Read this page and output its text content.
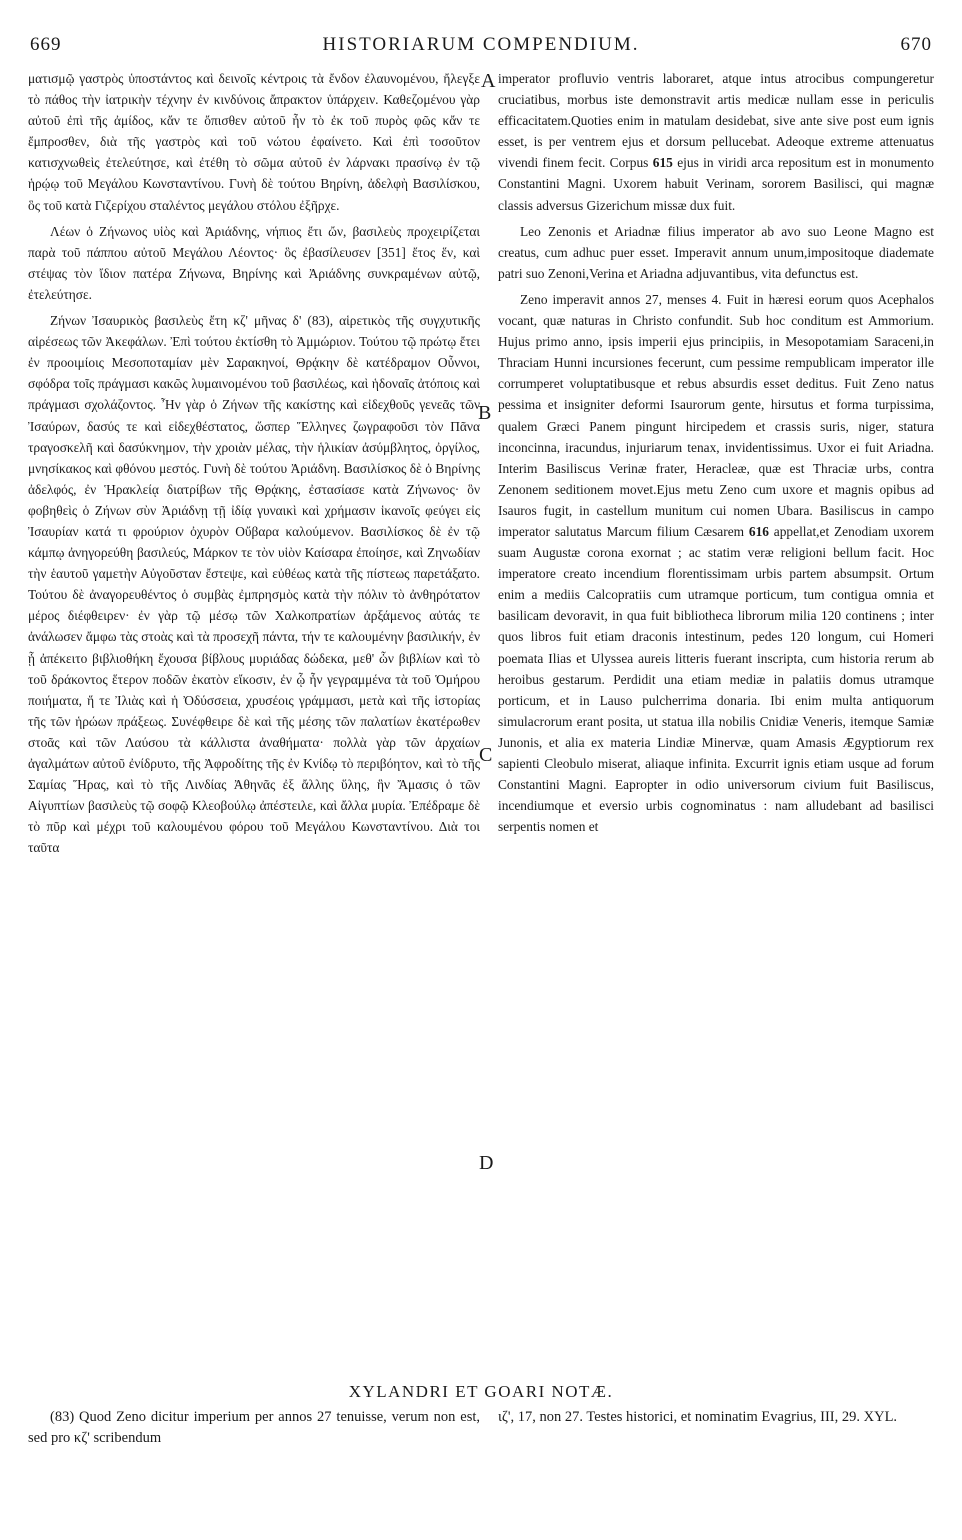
669	HISTORIARUM COMPENDIUM.	670

ματισμῷ γαστρὸς ὑποστάντος καὶ δεινοῖς κέντροις τὰ ἔνδον ἐλαυνομένου, ἤλεγξε τὸ πάθος τὴν ἰατρικὴν τέχνην ἐν κινδύνοις ἄπρακτον ὑπάρχειν. Καθεζομένου γὰρ αὐτοῦ ἐπὶ τῆς ἀμίδος, κἄν τε ὄπισθεν αὐτοῦ ἦν τὸ ἐκ τοῦ πυρὸς φῶς κἄν τε ἔμπροσθεν, διὰ τῆς γαστρὸς καὶ τοῦ νώτου ἐφαίνετο. Καὶ ἐπὶ τοσοῦτον κατισχνωθεὶς ἐτελεύτησε, καὶ ἐτέθη τὸ σῶμα αὐτοῦ ἐν λάρνακι πρασίνῳ ἐν τῷ ἡρῴῳ τοῦ Μεγάλου Κωνσταντίνου. Γυνὴ δὲ τούτου Βηρίνη, ἀδελφὴ Βασιλίσκου, ὃς τοῦ κατὰ Γιζερίχου σταλέντος μεγάλου στόλου ἐξῆρχε.

Λέων ὁ Ζήνωνος υἱὸς καὶ Ἀριάδνης, νήπιος ἔτι ὤν, βασιλεὺς προχειρίζεται παρὰ τοῦ πάππου αὐτοῦ Μεγάλου Λέοντος· ὃς ἐβασίλευσεν [351] ἔτος ἕν, καὶ στέψας τὸν ἴδιον πατέρα Ζήνωνα, Βηρίνης καὶ Ἀριάδνης συνκραμένων αὐτῷ, ἐτελεύτησε.

Ζήνων Ἰσαυρικὸς βασιλεὺς ἔτη κζ' μῆνας δ' (83), αἱρετικὸς τῆς συγχυτικῆς αἱρέσεως τῶν Ἀκεφάλων. Ἐπὶ τούτου ἐκτίσθη τὸ Ἀμμώριον. Τούτου τῷ πρώτῳ ἔτει ἐν προοιμίοις Μεσοποταμίαν μὲν Σαρακηνοί, Θρᾴκην δὲ κατέδραμον Οὖννοι, σφόδρα τοῖς πράγμασι κακῶς λυμαινομένου τοῦ βασιλέως, καὶ ἡδοναῖς ἀτόποις καὶ πράγμασι σχολάζοντος. Ἦν γὰρ ὁ Ζήνων τῆς κακίστης καὶ εἰδεχθοῦς γενεᾶς τῶν Ἰσαύρων, δασύς τε καὶ εἰδεχθέστατος, ὥσπερ Ἕλληνες ζωγραφοῦσι τὸν Πᾶνα τραγοσκελῆ καὶ δασύκνημον, τὴν χροιὰν μέλας, τὴν ἡλικίαν ἀσύμβλητος, ὀργίλος, μνησίκακος καὶ φθόνου μεστός. Γυνὴ δὲ τούτου Ἀριάδνη. Βασιλίσκος δὲ ὁ Βηρίνης ἀδελφός, ἐν Ἡρακλείᾳ διατρίβων τῆς Θρᾴκης, ἐστασίασε κατὰ Ζήνωνος· ὃν φοβηθεὶς ὁ Ζήνων σὺν Ἀριάδνῃ τῇ ἰδίᾳ γυναικὶ καὶ χρήμασιν ἱκανοῖς φεύγει εἰς Ἰσαυρίαν κατά τι φρούριον ὀχυρὸν Οὔβαρα καλούμενον. Βασιλίσκος δὲ ἐν τῷ κάμπῳ ἀνηγορεύθη βασιλεύς, Μάρκον τε τὸν υἱὸν Καίσαρα ἐποίησε, καὶ Ζηνωδίαν τὴν ἑαυτοῦ γαμετὴν Αὐγοῦσταν ἔστεψε, καὶ εὐθέως κατὰ τῆς πίστεως παρετάξατο. Τούτου δὲ ἀναγορευθέντος ὁ συμβὰς ἐμπρησμὸς κατὰ τὴν πόλιν τὸ ἀνθηρότατον μέρος διέφθειρεν· ἐν γὰρ τῷ μέσῳ τῶν Χαλκοπρατίων ἀρξάμενος αὐτάς τε ἀνάλωσεν ἄμφω τὰς στοὰς καὶ τὰ προσεχῆ πάντα, τήν τε καλουμένην βασιλικήν, ἐν ᾗ ἀπέκειτο βιβλιοθήκη ἔχουσα βίβλους μυριάδας δώδεκα, μεθ' ὧν βιβλίων καὶ τὸ τοῦ δράκοντος ἕτερον ποδῶν ἑκατὸν εἴκοσιν, ἐν ᾧ ἦν γεγραμμένα τὰ τοῦ Ὁμήρου ποιήματα, ἥ τε Ἰλιὰς καὶ ἡ Ὀδύσσεια, χρυσέοις γράμμασι, μετὰ καὶ τῆς ἱστορίας τῆς τῶν ἡρώων πράξεως. Συνέφθειρε δὲ καὶ τῆς μέσης τῶν παλατίων ἑκατέρωθεν στοᾶς καὶ τῶν Λαύσου τὰ κάλλιστα ἀναθήματα· πολλὰ γὰρ τῶν ἀρχαίων ἀγαλμάτων αὐτοῦ ἐνίδρυτο, τῆς Ἀφροδίτης τῆς ἐν Κνίδῳ τὸ περιβόητον, καὶ τὸ τῆς Σαμίας Ἥρας, καὶ τὸ τῆς Λινδίας Ἀθηνᾶς ἐξ ἄλλης ὕλης, ἣν Ἄμασις ὁ τῶν Αἰγυπτίων βασιλεὺς τῷ σοφῷ Κλεοβούλῳ ἀπέστειλε, καὶ ἄλλα μυρία. Ἐπέδραμε δὲ τὸ πῦρ καὶ μέχρι τοῦ καλουμένου φόρου τοῦ Μεγάλου Κωνσταντίνου. Διὰ τοι ταῦτα

A
B
C
D

imperator profluvio ventris laboraret, atque intus atrocibus compungeretur cruciatibus, morbus iste demonstravit artis medicæ nullam esse in periculis efficacitatem.Quoties enim in matulam desidebat, sive ante sive post eum ignis esset, is per ventrem ejus et dorsum pellucebat. Adeoque extreme attenuatus vivendi finem fecit. Corpus 615 ejus in viridi arca repositum est in monumento Constantini Magni. Uxorem habuit Verinam, sororem Basilisci, qui magnæ classis adversus Gizerichum missæ dux fuit.

Leo Zenonis et Ariadnæ filius imperator ab avo suo Leone Magno est creatus, cum adhuc puer esset. Imperavit annum unum,impositoque diademate patri suo Zenoni,Verina et Ariadna adjuvantibus, vita defunctus est.

Zeno imperavit annos 27, menses 4. Fuit in hæresi eorum quos Acephalos vocant, quæ naturas in Christo confundit. Sub hoc conditum est Ammorium. Hujus primo anno, ipsis imperii ejus principiis, in Mesopotamiam Saraceni,in Thraciam Hunni incursiones fecerunt, cum pessime rempublicam imperator ille corrumperet voluptatibusque et rebus absurdis esset deditus. Fuit Zeno natus pessima et insigniter deformi Isaurorum gente, hirsutus et forma turpissima, qualem Græci Panem pingunt hircipedem et crassis suris, niger, statura inconcinna, iracundus, injuriarum tenax, invidentissimus. Uxor ei fuit Ariadna. Interim Basiliscus Verinæ frater, Heracleæ, quæ est Thraciæ urbs, contra Zenonem seditionem movet.Ejus metu Zeno cum uxore et magnis opibus ad Isauros fugit, in castellum munitum cui nomen Ubara. Basiliscus in campo imperator salutatus Marcum filium Cæsarem 616 appellat,et Zenodiam uxorem suam Augustæ corona exornat ; ac statim veræ religioni bellum facit. Hoc imperatore creato incendium florentissimam urbis partem absumpsit. Ortum enim a mediis Calcopratiis cum utramque porticum, tum contigua omnia et basilicam devoravit, in qua fuit bibliotheca librorum milia 120 continens ; inter quos libros fuit etiam draconis intestinum, pedes 120 longum, cui Homeri poemata Ilias et Ulyssea aureis litteris fuerant inscripta, cum historia rerum ab heroibus gestarum. Perdidit una etiam mediæ in palatiis domus utramque porticum, et in Lauso pulcherrima donaria. Ibi enim multa antiquorum simulacrorum erant posita, ut statua illa nobilis Cnidiæ Veneris, itemque Samiæ Junonis, et alia ex materia Lindiæ Minervæ, quam Amasis Ægyptiorum rex sapienti Cleobulo miserat, aliaque infinita. Excurrit ignis etiam usque ad forum Constantini Magni. Eapropter in odio universorum civium fuit Basiliscus, incendiumque et eversio urbis cognominatus : nam alludebant ad basilisci serpentis nomen et

XYLANDRI ET GOARI NOTÆ.
(83) Quod Zeno dicitur imperium per annos 27 tenuisse, verum non est, sed pro κζ' scribendum
ιζ', 17, non 27. Testes historici, et nominatim Evagrius, III, 29. XYL.
